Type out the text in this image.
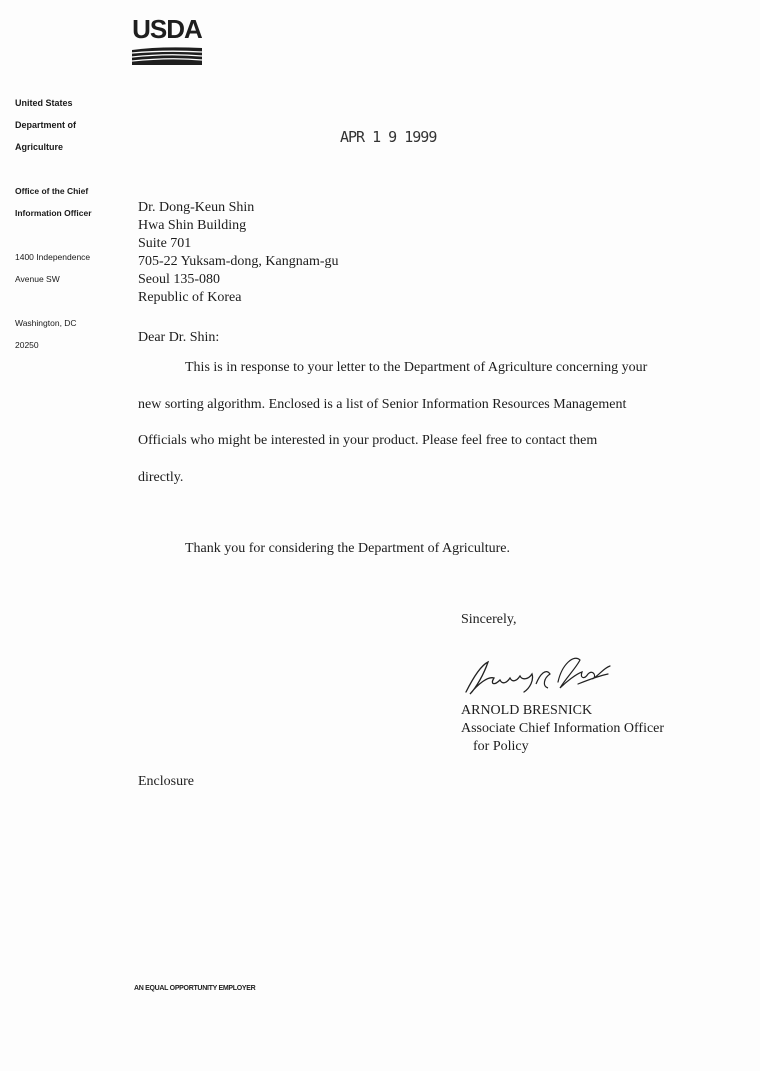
USDA

United States

Department of

Agriculture

Office of the Chief

Information Officer

1400 Independence

Avenue SW

Washington, DC

20250

APR 1 9 1999
Dr. Dong-Keun Shin
Hwa Shin Building
Suite 701
705-22 Yuksam-dong, Kangnam-gu
Seoul 135-080
Republic of Korea
Dear Dr. Shin:
This is in response to your letter to the Department of Agriculture concerning your
new sorting algorithm. Enclosed is a list of Senior Information Resources Management
Officials who might be interested in your product. Please feel free to contact them
directly.
Thank you for considering the Department of Agriculture.
Sincerely,
ARNOLD BRESNICK
Associate Chief Information Officer
for Policy
Enclosure
AN EQUAL OPPORTUNITY EMPLOYER
